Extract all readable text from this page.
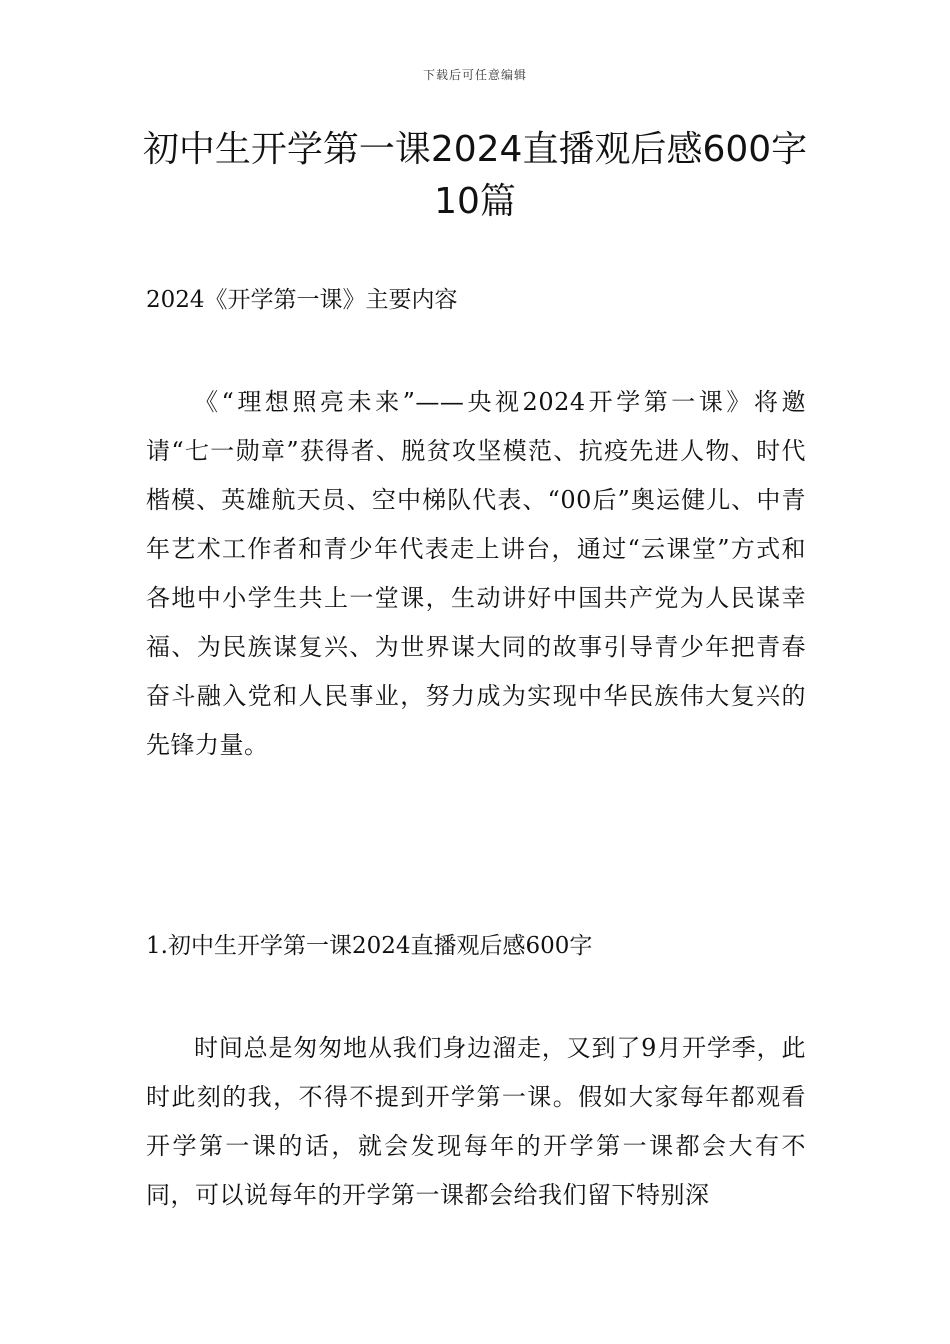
下载后可任意编辑
初中生开学第一课2024直播观后感600字10篇
2024《开学第一课》主要内容

《“理想照亮未来”——央视2024开学第一课》将邀请“七一勋章”获得者、脱贫攻坚模范、抗疫先进人物、时代楷模、英雄航天员、空中梯队代表、“00后”奥运健儿、中青年艺术工作者和青少年代表走上讲台，通过“云课堂”方式和各地中小学生共上一堂课，生动讲好中国共产党为人民谋幸福、为民族谋复兴、为世界谋大同的故事引导青少年把青春奋斗融入党和人民事业，努力成为实现中华民族伟大复兴的先锋力量。

1.初中生开学第一课2024直播观后感600字

时间总是匆匆地从我们身边溜走，又到了9月开学季，此时此刻的我，不得不提到开学第一课。假如大家每年都观看开学第一课的话，就会发现每年的开学第一课都会大有不同，可以说每年的开学第一课都会给我们留下特别深
